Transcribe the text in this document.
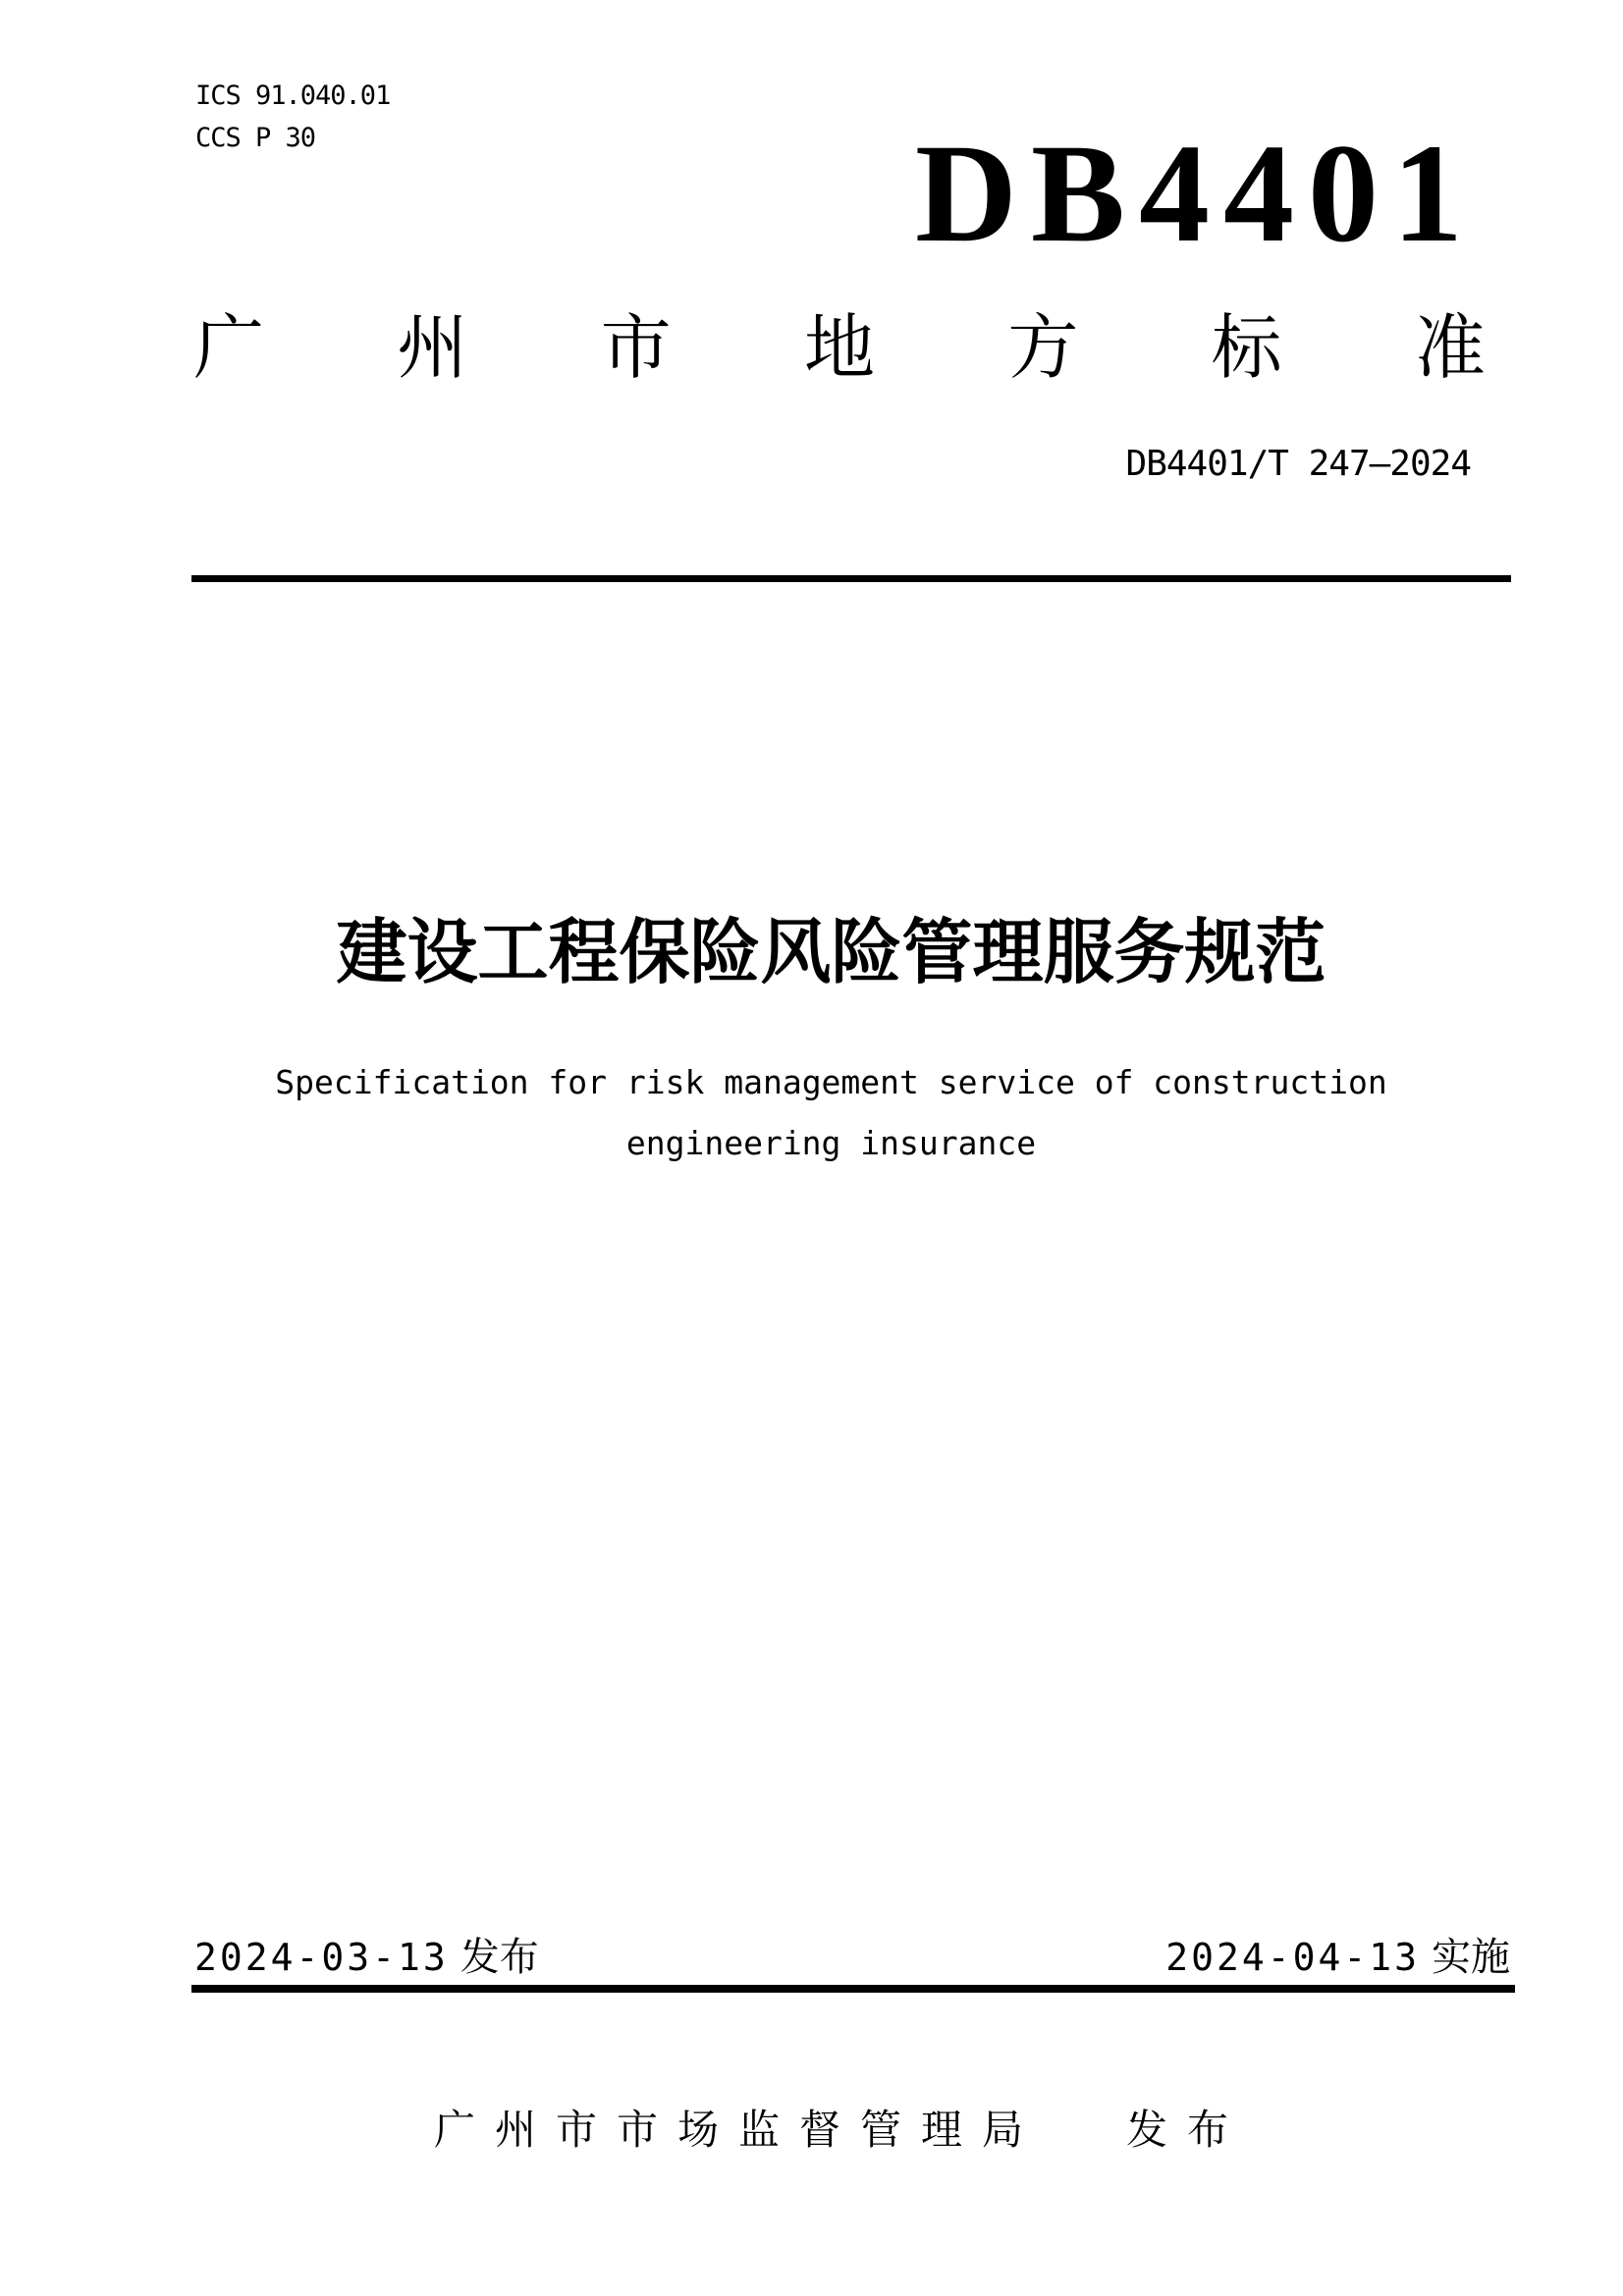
ICS 91.040.01
CCS P 30	DB4401
广 州 市 地 方 标 准
DB4401/T 247—2024
建设工程保险风险管理服务规范
Specification for risk management service of construction
engineering insurance
2024-03-13 发布	2024-04-13 实施
广州市市场监督管理局 发布
